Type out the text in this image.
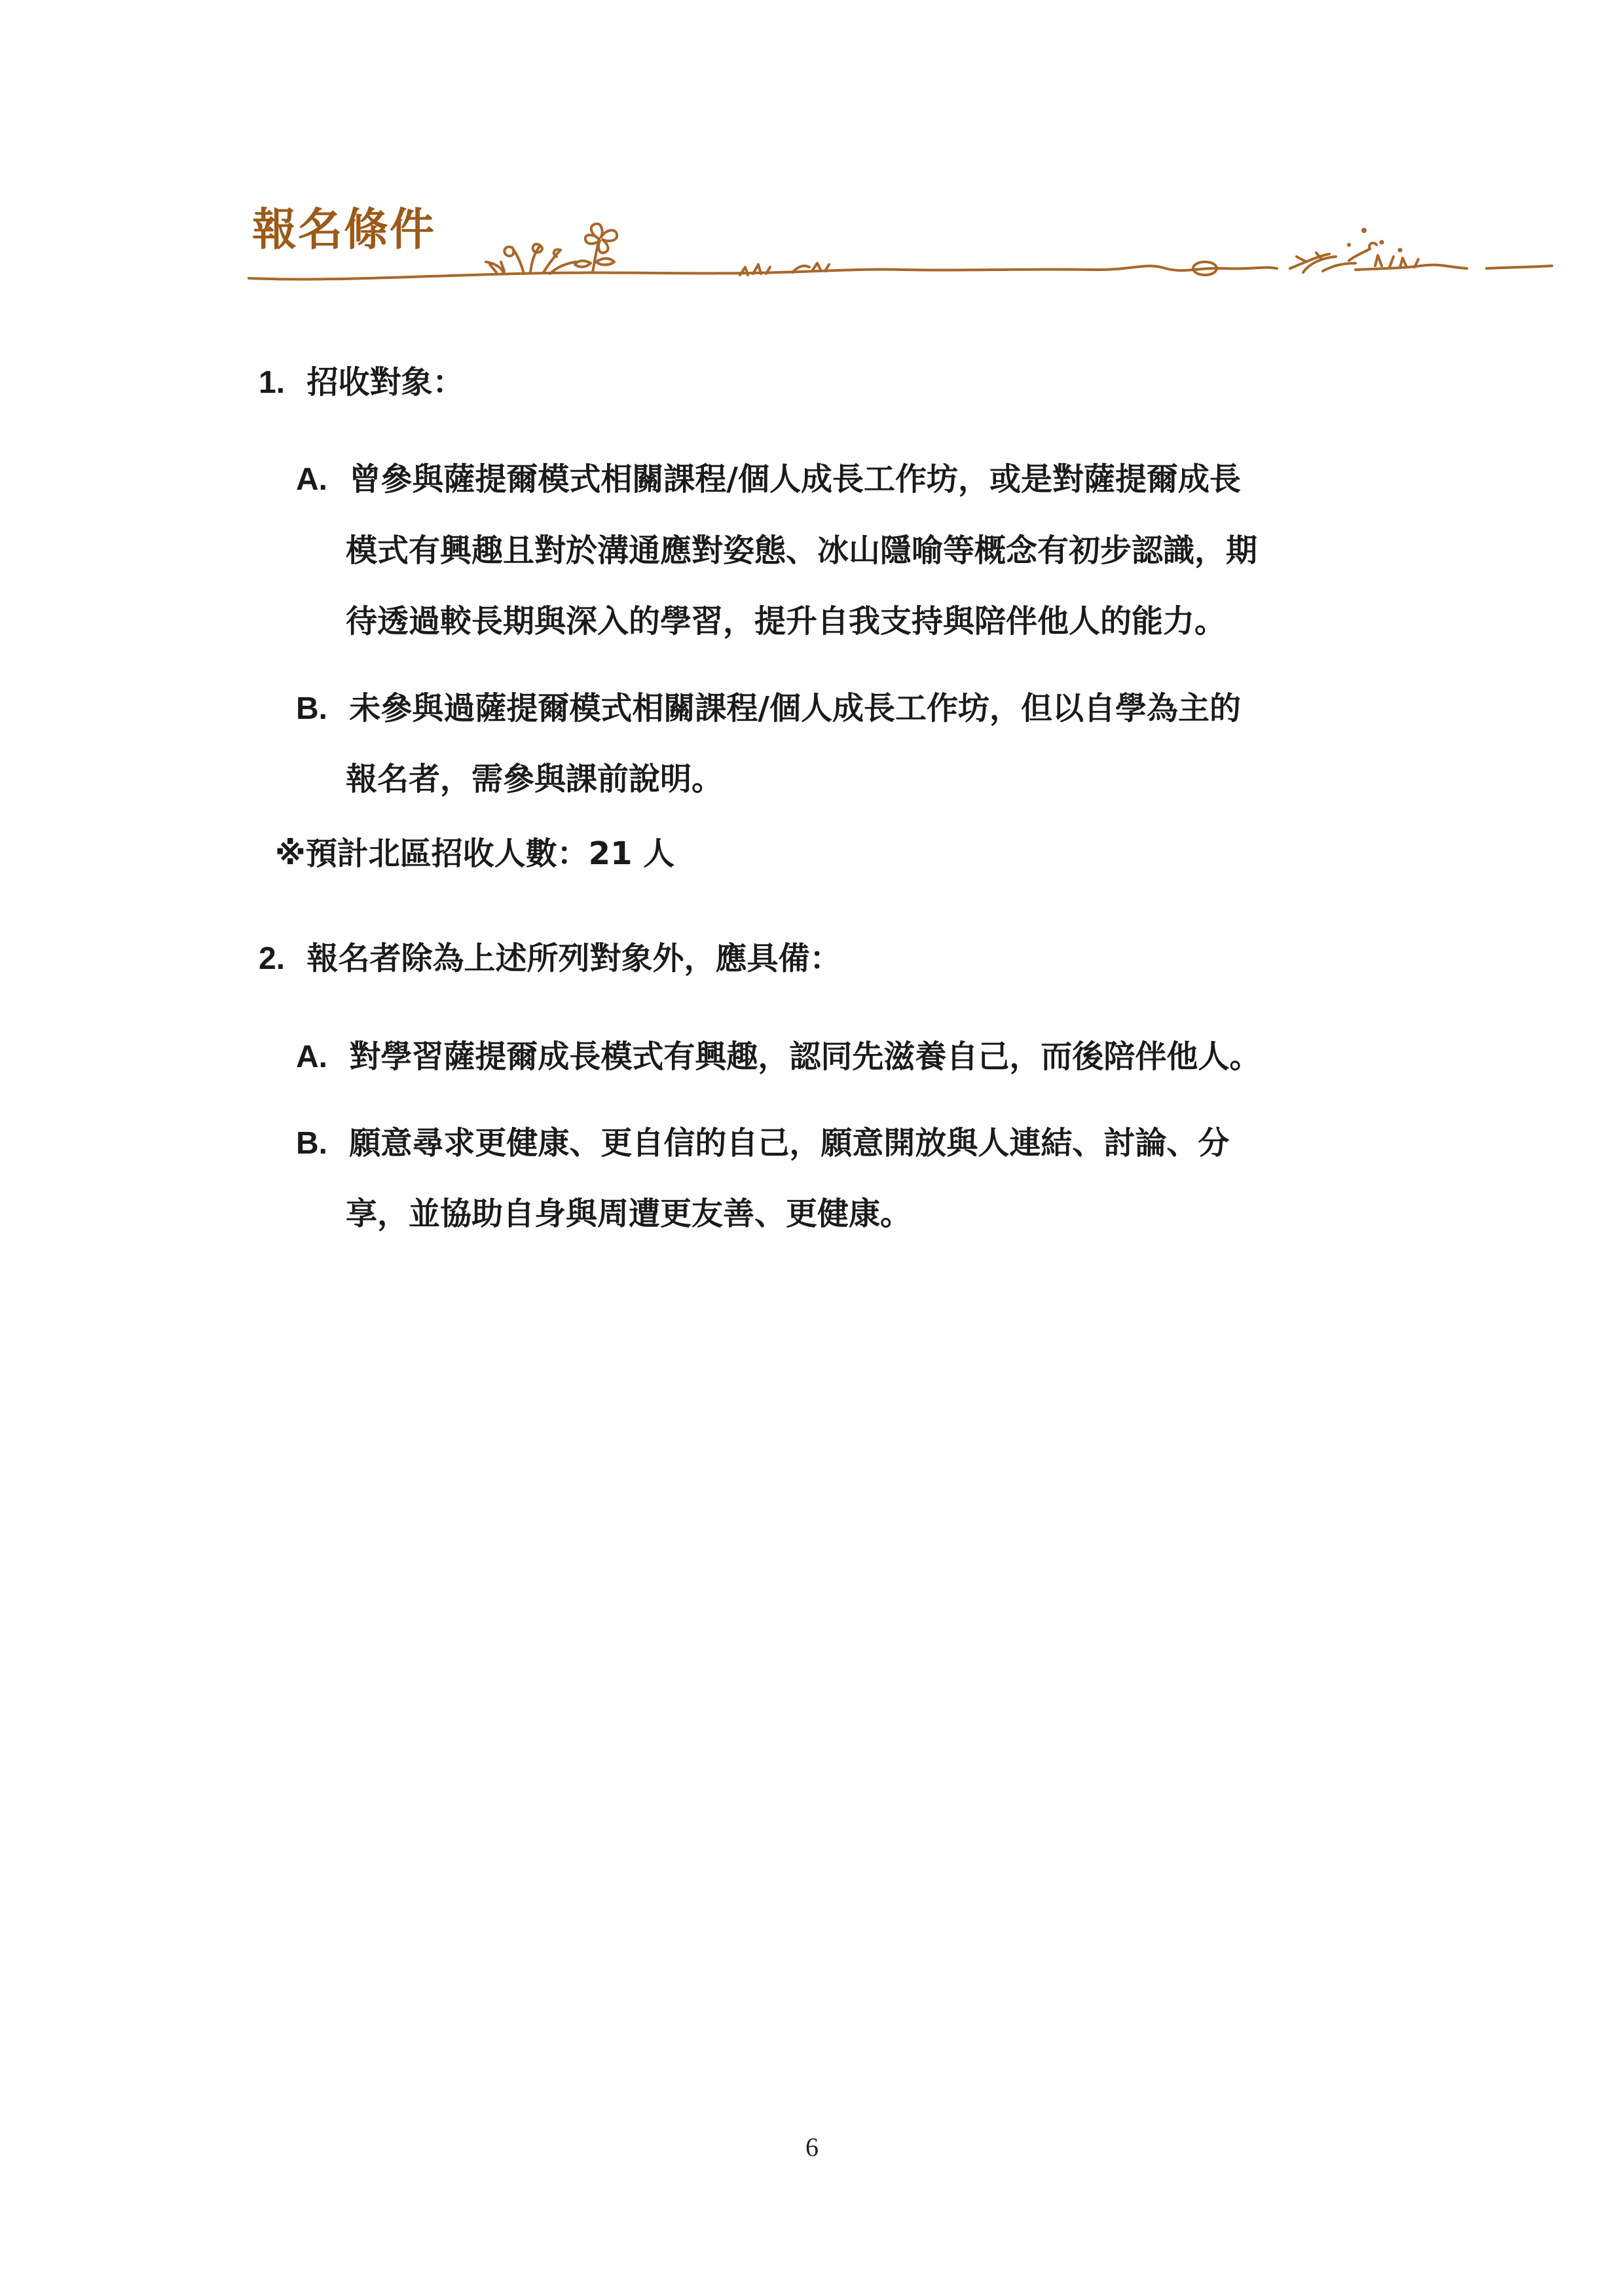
報名條件
1. 招收對象：
A. 曾參與薩提爾模式相關課程/個人成長工作坊，或是對薩提爾成長
模式有興趣且對於溝通應對姿態、冰山隱喻等概念有初步認識，期
待透過較長期與深入的學習，提升自我支持與陪伴他人的能力。
B. 未參與過薩提爾模式相關課程/個人成長工作坊，但以自學為主的
報名者，需參與課前說明。
※預計北區招收人數：21 人
2. 報名者除為上述所列對象外，應具備：
A. 對學習薩提爾成長模式有興趣，認同先滋養自己，而後陪伴他人。
B. 願意尋求更健康、更自信的自己，願意開放與人連結、討論、分
享，並協助自身與周遭更友善、更健康。
6
